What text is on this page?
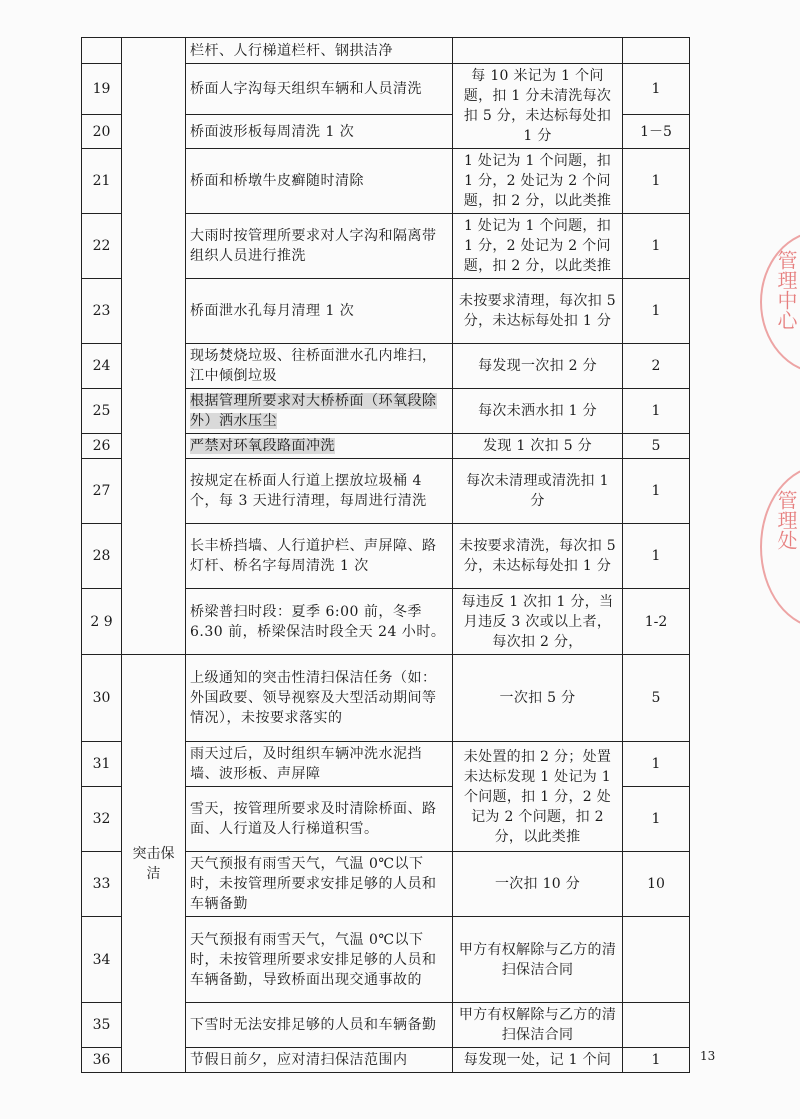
		栏杆、人行梯道栏杆、钢拱洁净		
19		桥面人字沟每天组织车辆和人员清洗	每 10 米记为 1 个问题，扣 1 分未清洗每次扣 5 分，未达标每处扣 1 分	1
20		桥面波形板每周清洗 1 次		1－5
21		桥面和桥墩牛皮癣随时清除	1 处记为 1 个问题，扣 1 分，2 处记为 2 个问题，扣 2 分，以此类推	1
22		大雨时按管理所要求对人字沟和隔离带组织人员进行推洗	1 处记为 1 个问题，扣 1 分，2 处记为 2 个问题，扣 2 分，以此类推	1
23		桥面泄水孔每月清理 1 次	未按要求清理，每次扣 5 分，未达标每处扣 1 分	1
24		现场焚烧垃圾、往桥面泄水孔内堆扫，江中倾倒垃圾	每发现一次扣 2 分	2
25		根据管理所要求对大桥桥面（环氧段除外）洒水压尘	每次未洒水扣 1 分	1
26		严禁对环氧段路面冲洗	发现 1 次扣 5 分	5
27		按规定在桥面人行道上摆放垃圾桶 4 个，每 3 天进行清理，每周进行清洗	每次未清理或清洗扣 1 分	1
28		长丰桥挡墙、人行道护栏、声屏障、路灯杆、桥名字每周清洗 1 次	未按要求清洗，每次扣 5 分，未达标每处扣 1 分	1
2 9		桥梁普扫时段：夏季 6:00 前，冬季 6.30 前，桥梁保洁时段全天 24 小时。	每违反 1 次扣 1 分，当月违反 3 次或以上者，每次扣 2 分，	1-2
30	突击保洁	上级通知的突击性清扫保洁任务（如：外国政要、领导视察及大型活动期间等情况），未按要求落实的	一次扣 5 分	5
31		雨天过后，及时组织车辆冲洗水泥挡墙、波形板、声屏障	未处置的扣 2 分；处置未达标发现 1 处记为 1 个问题，扣 1 分，2 处记为 2 个问题，扣 2 分，以此类推	1
32		雪天，按管理所要求及时清除桥面、路面、人行道及人行梯道积雪。		1
33		天气预报有雨雪天气，气温 0℃以下时，未按管理所要求安排足够的人员和车辆备勤	一次扣 10 分	10
34		天气预报有雨雪天气，气温 0℃以下时，未按管理所要求安排足够的人员和车辆备勤，导致桥面出现交通事故的	甲方有权解除与乙方的清扫保洁合同	
35		下雪时无法安排足够的人员和车辆备勤	甲方有权解除与乙方的清扫保洁合同	
36		节假日前夕，应对清扫保洁范围内	每发现一处，记 1 个问	1
管理中心
管理处
13
